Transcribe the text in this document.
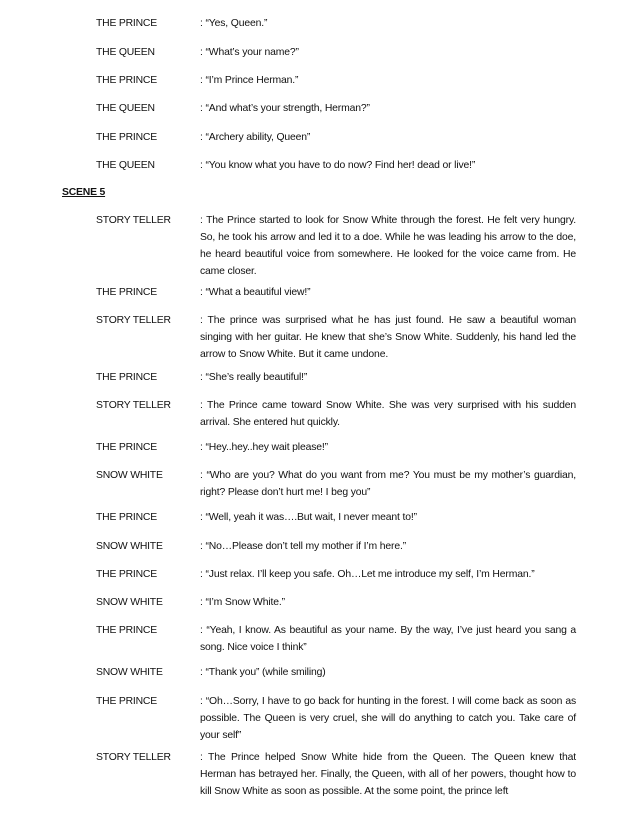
THE PRINCE	: “Yes, Queen.”
THE QUEEN	: “What’s your name?”
THE PRINCE	: “I’m Prince Herman.”
THE QUEEN	: “And what’s your strength, Herman?”
THE PRINCE	: “Archery ability, Queen”
THE QUEEN	: “You know what you have to do now? Find her! dead or live!”
SCENE 5
STORY TELLER	: The Prince started to look for Snow White through the forest. He felt very hungry. So, he took his arrow and led it to a doe. While he was leading his arrow to the doe, he heard beautiful voice from somewhere. He looked for the voice came from. He came closer.
THE PRINCE	: “What a beautiful view!”
STORY TELLER	: The prince was surprised what he has just found. He saw a beautiful woman singing with her guitar. He knew that she’s Snow White. Suddenly, his hand led the arrow to Snow White. But it came undone.
THE PRINCE	: “She’s really beautiful!”
STORY TELLER	: The Prince came toward Snow White. She was very surprised with his sudden arrival. She entered hut quickly.
THE PRINCE	: “Hey..hey..hey wait please!”
SNOW WHITE	: “Who are you? What do you want from me? You must be my mother’s guardian, right? Please don’t hurt me! I beg you”
THE PRINCE	: “Well, yeah it was….But wait, I never meant to!”
SNOW WHITE	: “No…Please don’t tell my mother if I’m here.”
THE PRINCE	: “Just relax. I’ll keep you safe. Oh…Let me introduce my self, I’m Herman.”
SNOW WHITE	: “I’m Snow White.”
THE PRINCE	: “Yeah, I know. As beautiful as your name. By the way, I’ve just heard you sang a song. Nice voice I think”
SNOW WHITE	: “Thank you” (while smiling)
THE PRINCE	: “Oh…Sorry, I have to go back for hunting in the forest. I will come back as soon as possible. The Queen is very cruel, she will do anything to catch you. Take care of your self”
STORY TELLER	: The Prince helped Snow White hide from the Queen. The Queen knew that Herman has betrayed her. Finally, the Queen, with all of her powers, thought how to kill Snow White as soon as possible. At the some point, the prince left
